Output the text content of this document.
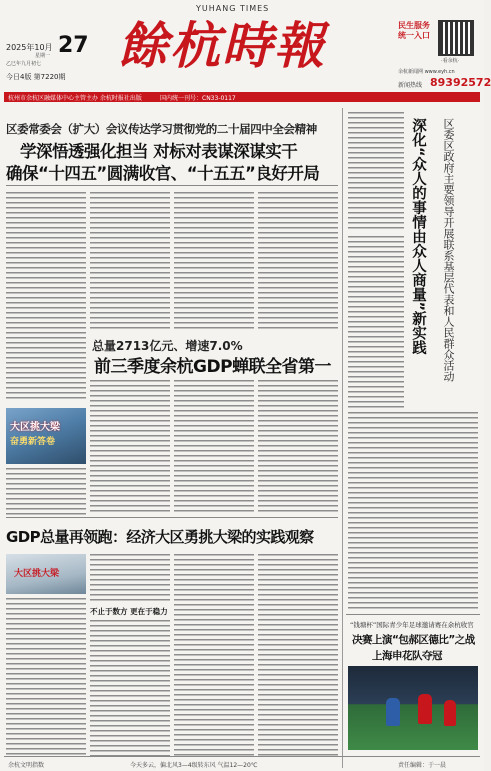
YUHANG TIMES
2025年10月 27
星期一
乙巳年九月初七
今日4版 第7220期
餘杭時報	民生服务
统一入口
·看余杭·
余杭新闻网 www.eyh.cn
新闻热线 89392572
杭州市余杭区融媒体中心主管主办 余杭时报社出版	国内统一刊号：CN33-0117
区委常委会（扩大）会议传达学习贯彻党的二十届四中全会精神
学深悟透强化担当 对标对表谋深谋实干
确保“十四五”圆满收官、“十五五”良好开局
总量2713亿元、增速7.0%
前三季度余杭GDP蝉联全省第一
大区挑大梁
奋勇新答卷
GDP总量再领跑：经济大区勇挑大梁的实践观察
大区挑大梁
不止于数方 更在于稳力
深化“众人的事情由众人商量”新实践 区委区政府主要领导开展联系基层代表和人民群众活动
“钱塘杯”国际青少年足球邀请赛在余杭收官
决赛上演“包郝区德比”之战
上海申花队夺冠
余杭文明指数	今天多云，偏北风3—4级转东风 气温12—20℃	责任编辑：于一晨
